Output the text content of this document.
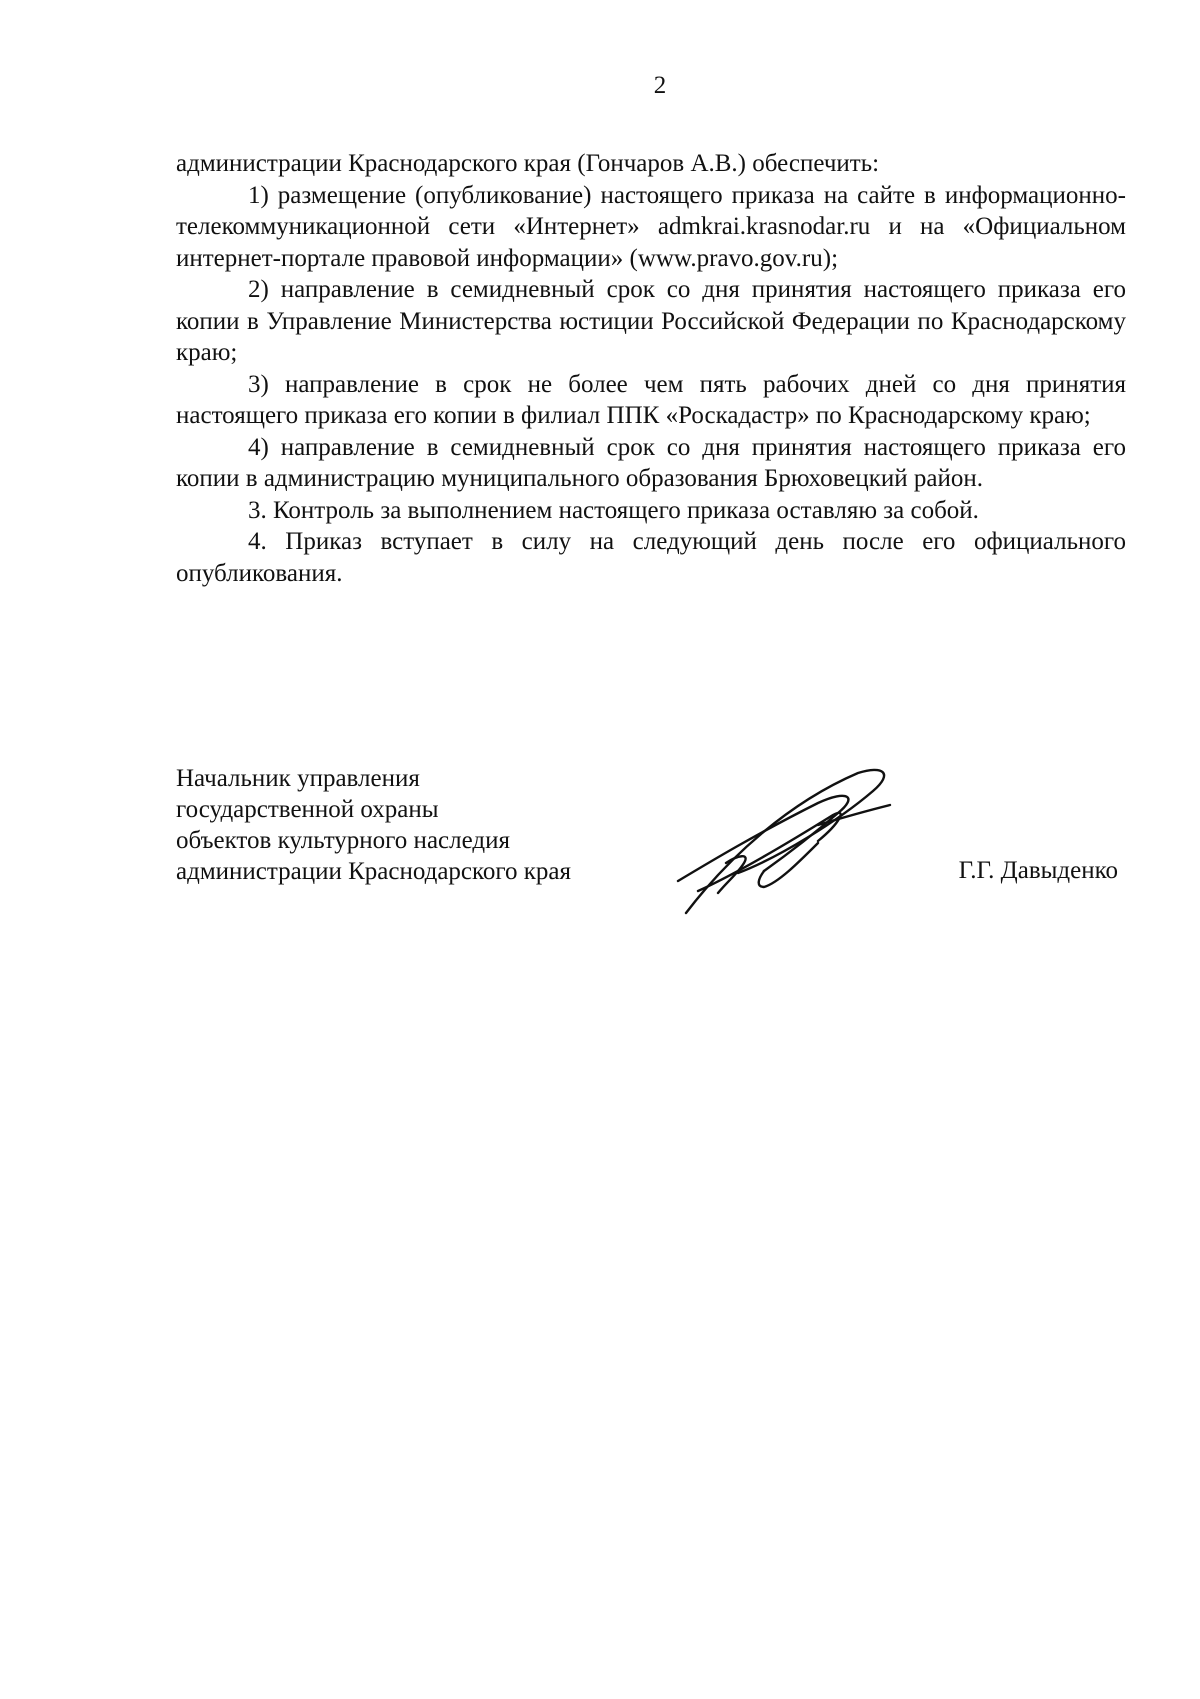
2

администрации Краснодарского края (Гончаров А.В.) обеспечить:

1) размещение (опубликование) настоящего приказа на сайте в информационно-телекоммуникационной сети «Интернет» admkrai.krasnodar.ru и на «Официальном интернет-портале правовой информации» (www.pravo.gov.ru);

2) направление в семидневный срок со дня принятия настоящего приказа его копии в Управление Министерства юстиции Российской Федерации по Краснодарскому краю;

3) направление в срок не более чем пять рабочих дней со дня принятия настоящего приказа его копии в филиал ППК «Роскадастр» по Краснодарскому краю;

4) направление в семидневный срок со дня принятия настоящего приказа его копии в администрацию муниципального образования Брюховецкий район.

3. Контроль за выполнением настоящего приказа оставляю за собой.

4. Приказ вступает в силу на следующий день после его официального опубликования.

Начальник управления
государственной охраны
объектов культурного наследия
администрации Краснодарского края	Г.Г. Давыденко
